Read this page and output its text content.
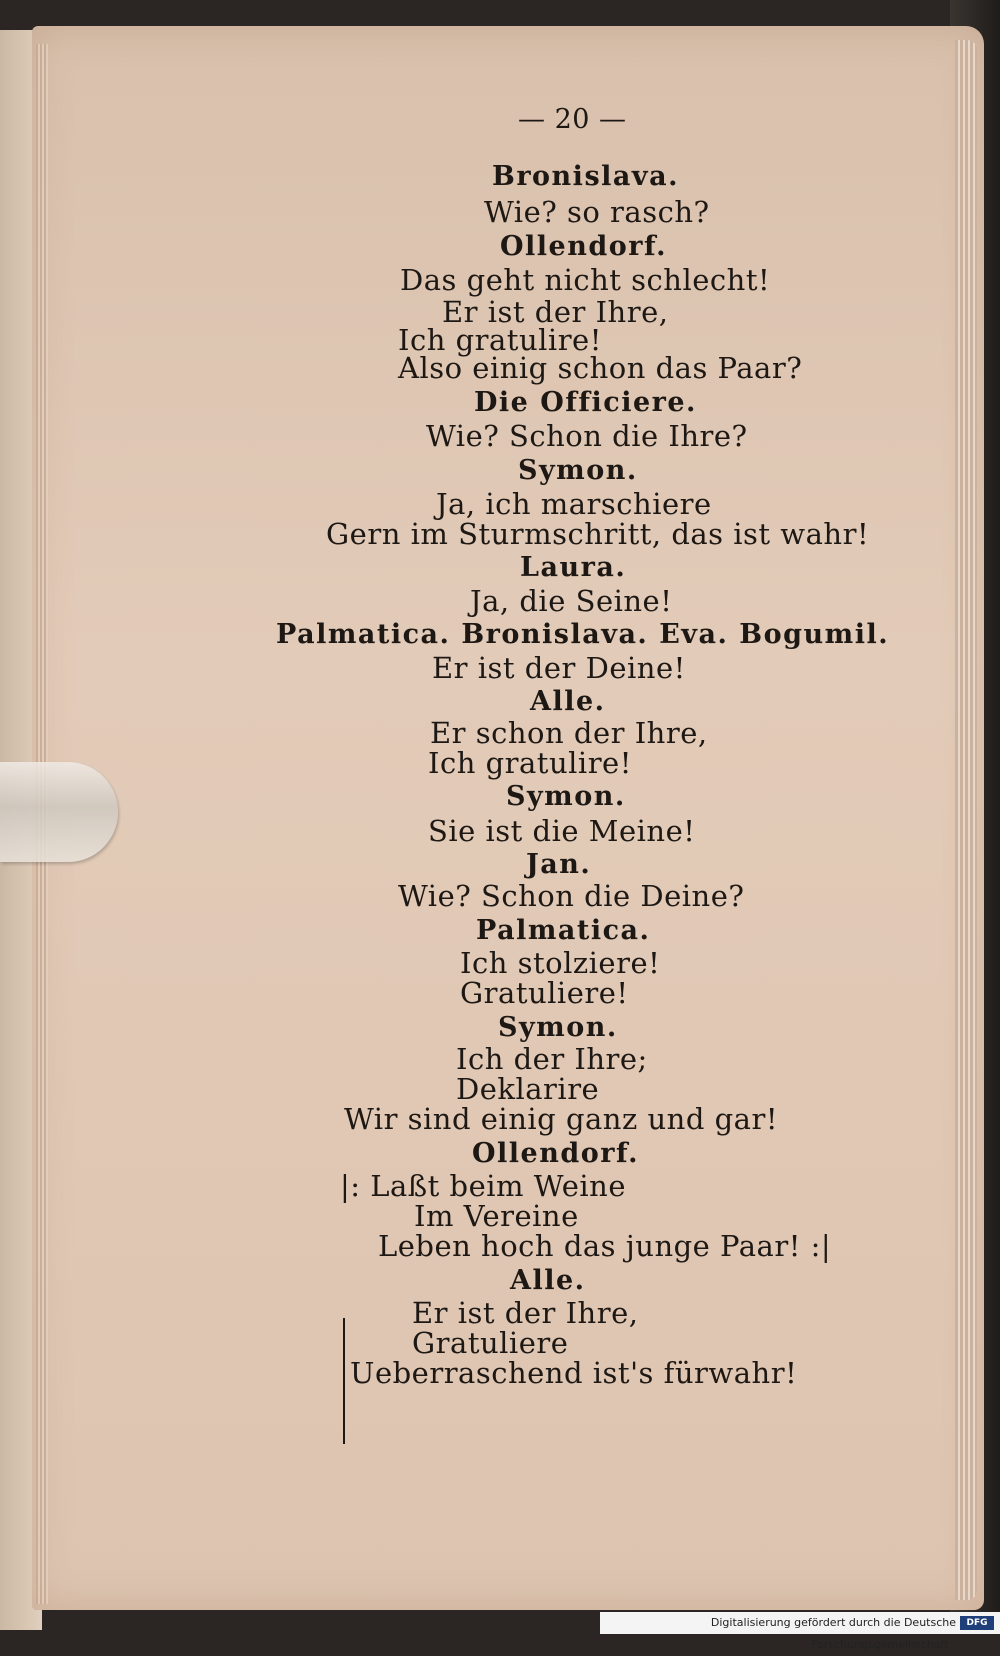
— 20 —
Bronislava.
Wie? so rasch?
Ollendorf.
Das geht nicht schlecht!
Er ist der Ihre,
Ich gratulire!
Also einig schon das Paar?
Die Officiere.
Wie? Schon die Ihre?
Symon.
Ja, ich marschiere
Gern im Sturmschritt, das ist wahr!
Laura.
Ja, die Seine!
Palmatica. Bronislava. Eva. Bogumil.
Er ist der Deine!
Alle.
Er schon der Ihre,
Ich gratulire!
Symon.
Sie ist die Meine!
Jan.
Wie? Schon die Deine?
Palmatica.
Ich stolziere!
Gratuliere!
Symon.
Ich der Ihre;
Deklarire
Wir sind einig ganz und gar!
Ollendorf.
|: Laßt beim Weine
Im Vereine
Leben hoch das junge Paar! :|
Alle.
Er ist der Ihre,
Gratuliere
Ueberraschend ist's fürwahr!
Digitalisierung gefördert durch die Deutsche Forschungsgemeinschaft -
DFG
